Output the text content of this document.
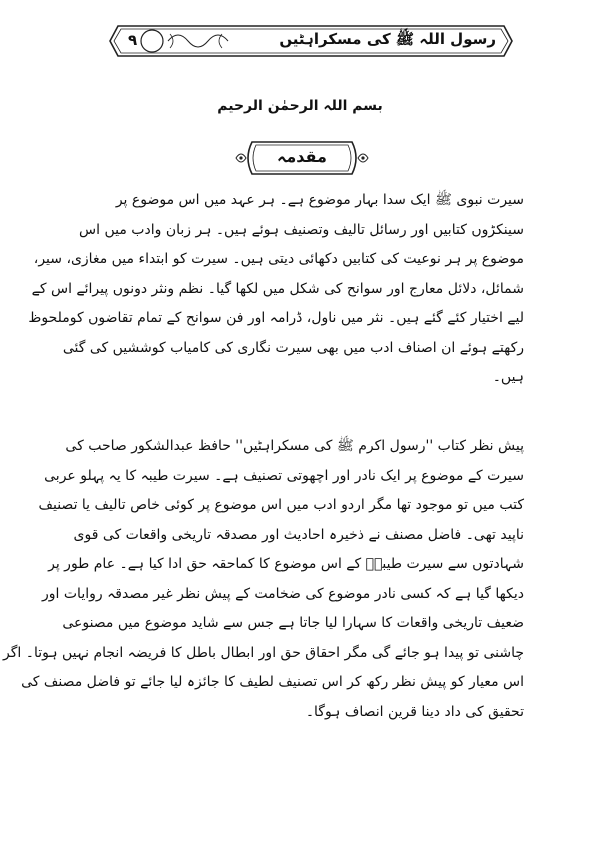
۹	رسول اللہ ﷺ کی مسکراہٹیں
بسم اللہ الرحمٰن الرحیم
مقدمہ
سیرت نبوی ﷺ ایک سدا بہار موضوع ہے۔ ہر عہد میں اس موضوع پر
سینکڑوں کتابیں اور رسائل تالیف وتصنیف ہوئے ہیں۔ ہر زبان وادب میں اس
موضوع پر ہر نوعیت کی کتابیں دکھائی دیتی ہیں۔ سیرت کو ابتداء میں مغازی، سیر،
شمائل، دلائل معارج اور سوانح کی شکل میں لکھا گیا۔ نظم ونثر دونوں پیرائے اس کے
لیے اختیار کئے گئے ہیں۔ نثر میں ناول، ڈرامہ اور فن سوانح کے تمام تقاضوں کوملحوظ
رکھتے ہوئے ان اصناف ادب میں بھی سیرت نگاری کی کامیاب کوششیں کی گئی
ہیں۔
پیش نظر کتاب ''رسول اکرم ﷺ کی مسکراہٹیں'' حافظ عبدالشکور صاحب کی
سیرت کے موضوع پر ایک نادر اور اچھوتی تصنیف ہے۔ سیرت طیبہ کا یہ پہلو عربی
کتب میں تو موجود تھا مگر اردو ادب میں اس موضوع پر کوئی خاص تالیف یا تصنیف
ناپید تھی۔ فاضل مصنف نے ذخیرہ احادیث اور مصدقہ تاریخی واقعات کی قوی
شہادتوں سے سیرت طیبہؐ کے اس موضوع کا کماحقہ حق ادا کیا ہے۔ عام طور پر
دیکھا گیا ہے کہ کسی نادر موضوع کی ضخامت کے پیش نظر غیر مصدقہ روایات اور
ضعیف تاریخی واقعات کا سہارا لیا جاتا ہے جس سے شاید موضوع میں مصنوعی
چاشنی تو پیدا ہو جائے گی مگر احقاق حق اور ابطال باطل کا فریضہ انجام نہیں ہوتا۔ اگر
اس معیار کو پیش نظر رکھ کر اس تصنیف لطیف کا جائزہ لیا جائے تو فاضل مصنف کی
تحقیق کی داد دینا قرین انصاف ہوگا۔
